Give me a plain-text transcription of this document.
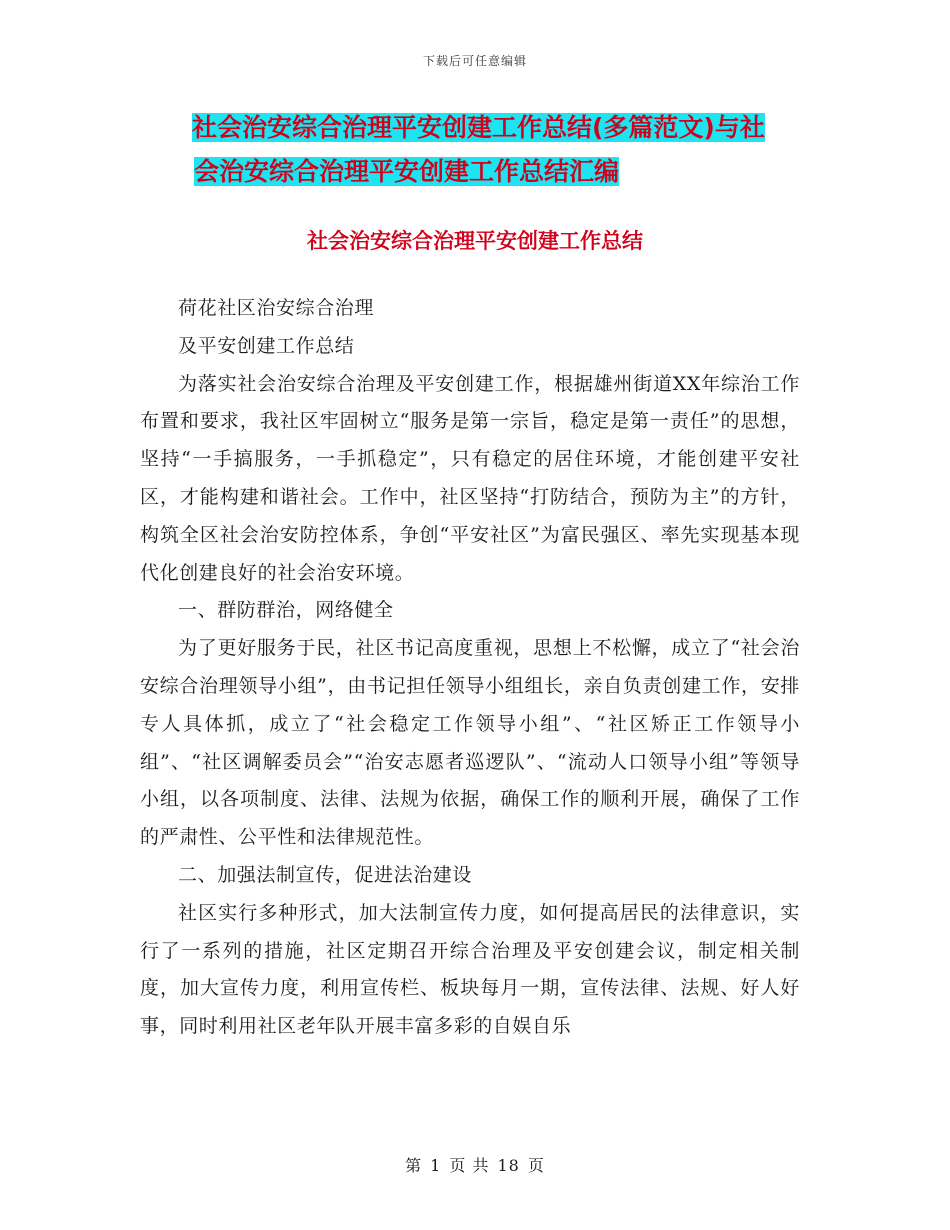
下载后可任意编辑
社会治安综合治理平安创建工作总结(多篇范文)与社
会治安综合治理平安创建工作总结汇编
社会治安综合治理平安创建工作总结

荷花社区治安综合治理

及平安创建工作总结

为落实社会治安综合治理及平安创建工作，根据雄州街道XX年综治工作布置和要求，我社区牢固树立“服务是第一宗旨，稳定是第一责任”的思想，坚持“一手搞服务，一手抓稳定”，只有稳定的居住环境，才能创建平安社区，才能构建和谐社会。工作中，社区坚持“打防结合，预防为主”的方针，构筑全区社会治安防控体系，争创“平安社区”为富民强区、率先实现基本现代化创建良好的社会治安环境。

一、群防群治，网络健全

为了更好服务于民，社区书记高度重视，思想上不松懈，成立了“社会治安综合治理领导小组”，由书记担任领导小组组长，亲自负责创建工作，安排专人具体抓，成立了“社会稳定工作领导小组”、“社区矫正工作领导小组”、“社区调解委员会”“治安志愿者巡逻队”、“流动人口领导小组”等领导小组，以各项制度、法律、法规为依据，确保工作的顺利开展，确保了工作的严肃性、公平性和法律规范性。

二、加强法制宣传，促进法治建设

社区实行多种形式，加大法制宣传力度，如何提高居民的法律意识，实行了一系列的措施，社区定期召开综合治理及平安创建会议，制定相关制度，加大宣传力度，利用宣传栏、板块每月一期，宣传法律、法规、好人好事，同时利用社区老年队开展丰富多彩的自娱自乐

第 1 页 共 18 页
